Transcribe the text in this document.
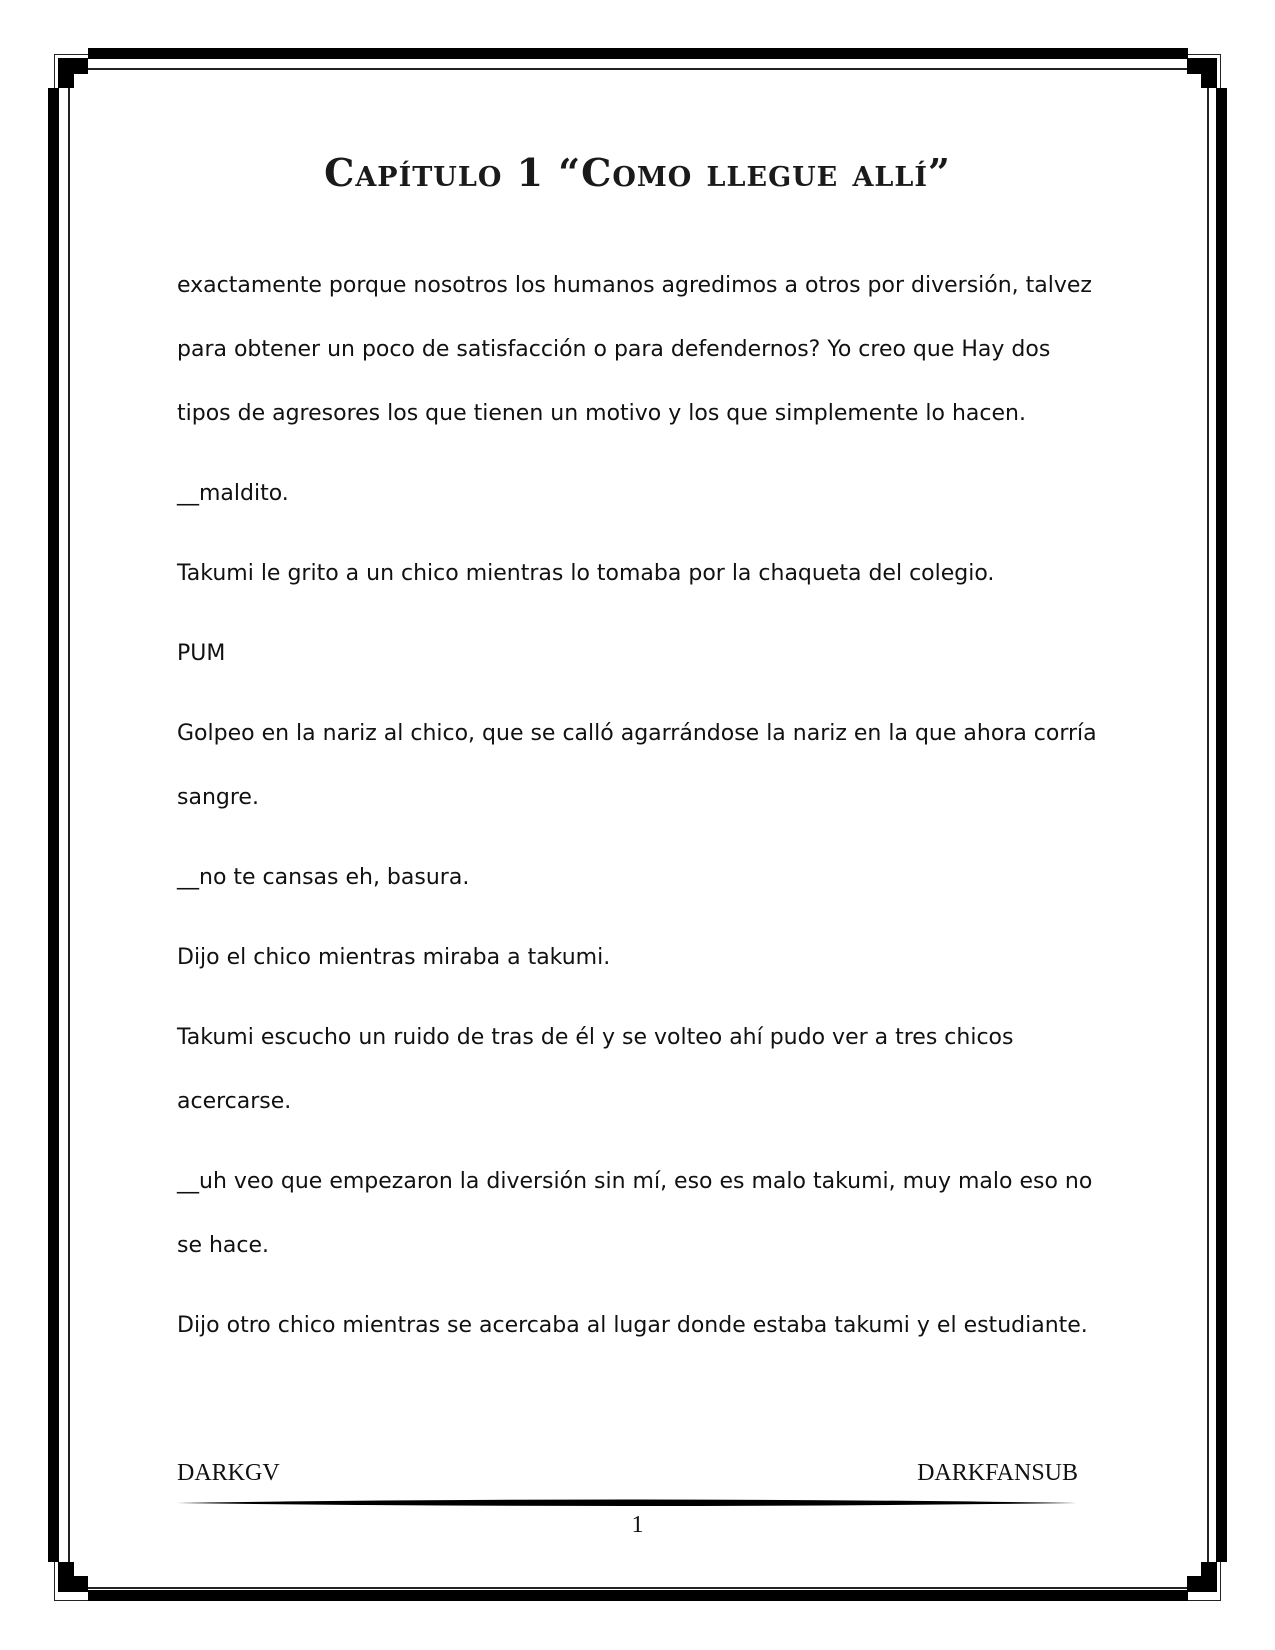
Capítulo 1 “Como llegue allí”
exactamente porque nosotros los humanos agredimos a otros por diversión, talvez
para obtener un poco de satisfacción o para defendernos? Yo creo que Hay dos
tipos de agresores los que tienen un motivo y los que simplemente lo hacen.
__maldito.
Takumi le grito a un chico mientras lo tomaba por la chaqueta del colegio.
PUM
Golpeo en la nariz al chico, que se calló agarrándose la nariz en la que ahora corría
sangre.
__no te cansas eh, basura.
Dijo el chico mientras miraba a takumi.
Takumi escucho un ruido de tras de él y se volteo ahí pudo ver a tres chicos
acercarse.
__uh veo que empezaron la diversión sin mí, eso es malo takumi, muy malo eso no
se hace.
Dijo otro chico mientras se acercaba al lugar donde estaba takumi y el estudiante.
DARKGV	DARKFANSUB
1
